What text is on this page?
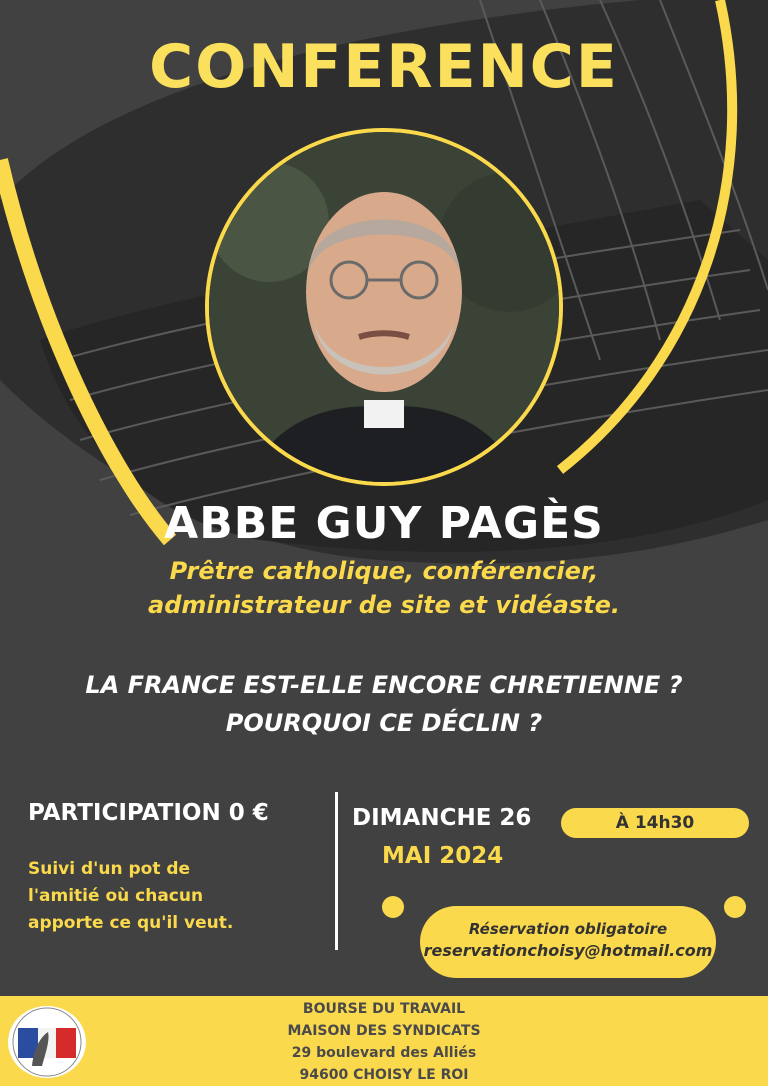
CONFERENCE
ABBE GUY PAGÈS
Prêtre catholique, conférencier,
administrateur de site et vidéaste.
LA FRANCE EST-ELLE ENCORE CHRETIENNE ?
POURQUOI CE DÉCLIN ?
PARTICIPATION 0 €
Suivi d'un pot de
l'amitié où chacun
apporte ce qu'il veut.
DIMANCHE 26
MAI 2024
À 14h30
Réservation obligatoire
reservationchoisy@hotmail.com
BOURSE DU TRAVAIL
MAISON DES SYNDICATS
29 boulevard des Alliés
94600 CHOISY LE ROI
